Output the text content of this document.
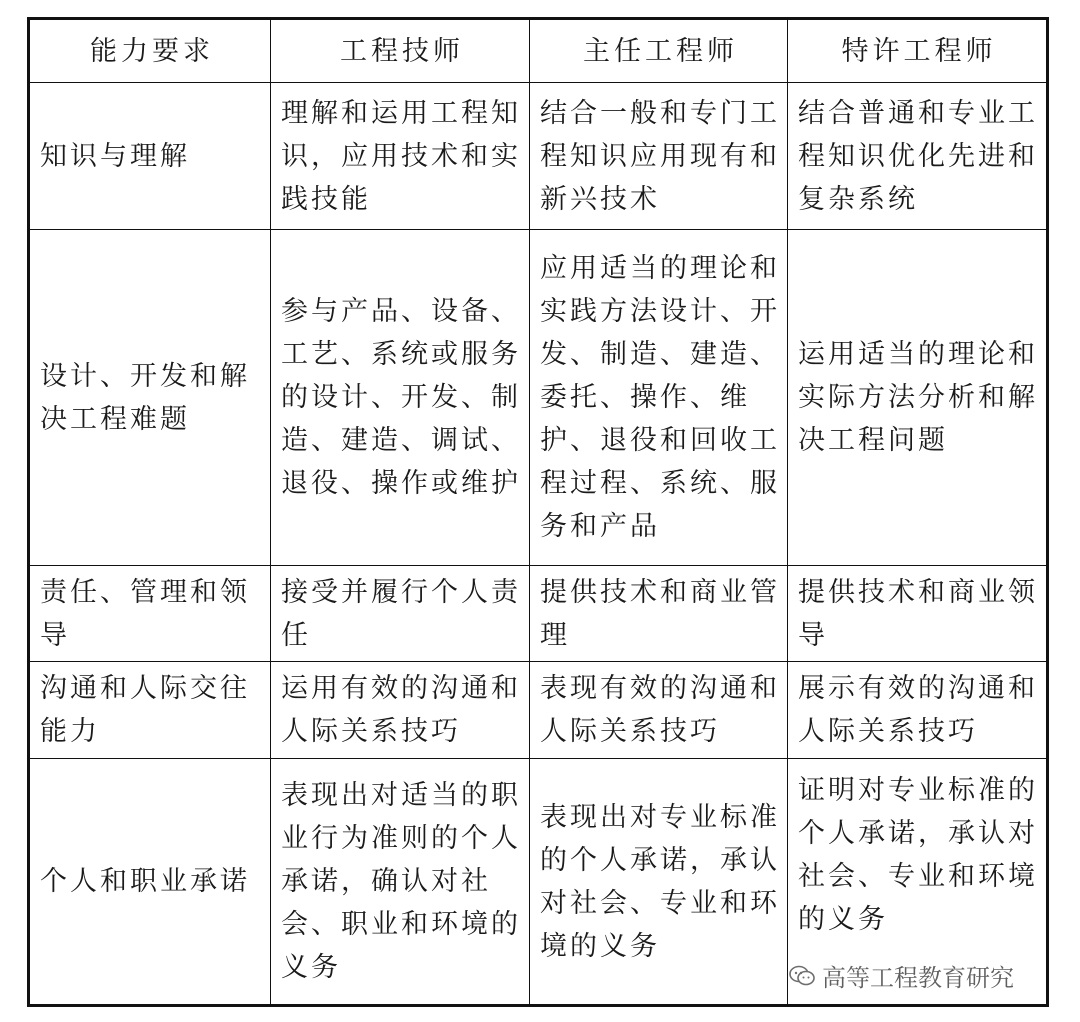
能力要求	工程技师	主任工程师	特许工程师
知识与理解	理解和运用工程知识，应用技术和实践技能	结合一般和专门工程知识应用现有和新兴技术	结合普通和专业工程知识优化先进和复杂系统
设计、开发和解决工程难题	参与产品、设备、工艺、系统或服务的设计、开发、制造、建造、调试、退役、操作或维护	应用适当的理论和实践方法设计、开发、制造、建造、委托、操作、维护、退役和回收工程过程、系统、服务和产品	运用适当的理论和实际方法分析和解决工程问题
责任、管理和领导	接受并履行个人责任	提供技术和商业管理	提供技术和商业领导
沟通和人际交往能力	运用有效的沟通和人际关系技巧	表现有效的沟通和人际关系技巧	展示有效的沟通和人际关系技巧
个人和职业承诺	表现出对适当的职业行为准则的个人承诺，确认对社会、职业和环境的义务	表现出对专业标准的个人承诺，承认对社会、专业和环境的义务	证明对专业标准的个人承诺，承认对社会、专业和环境的义务
高等工程教育研究
